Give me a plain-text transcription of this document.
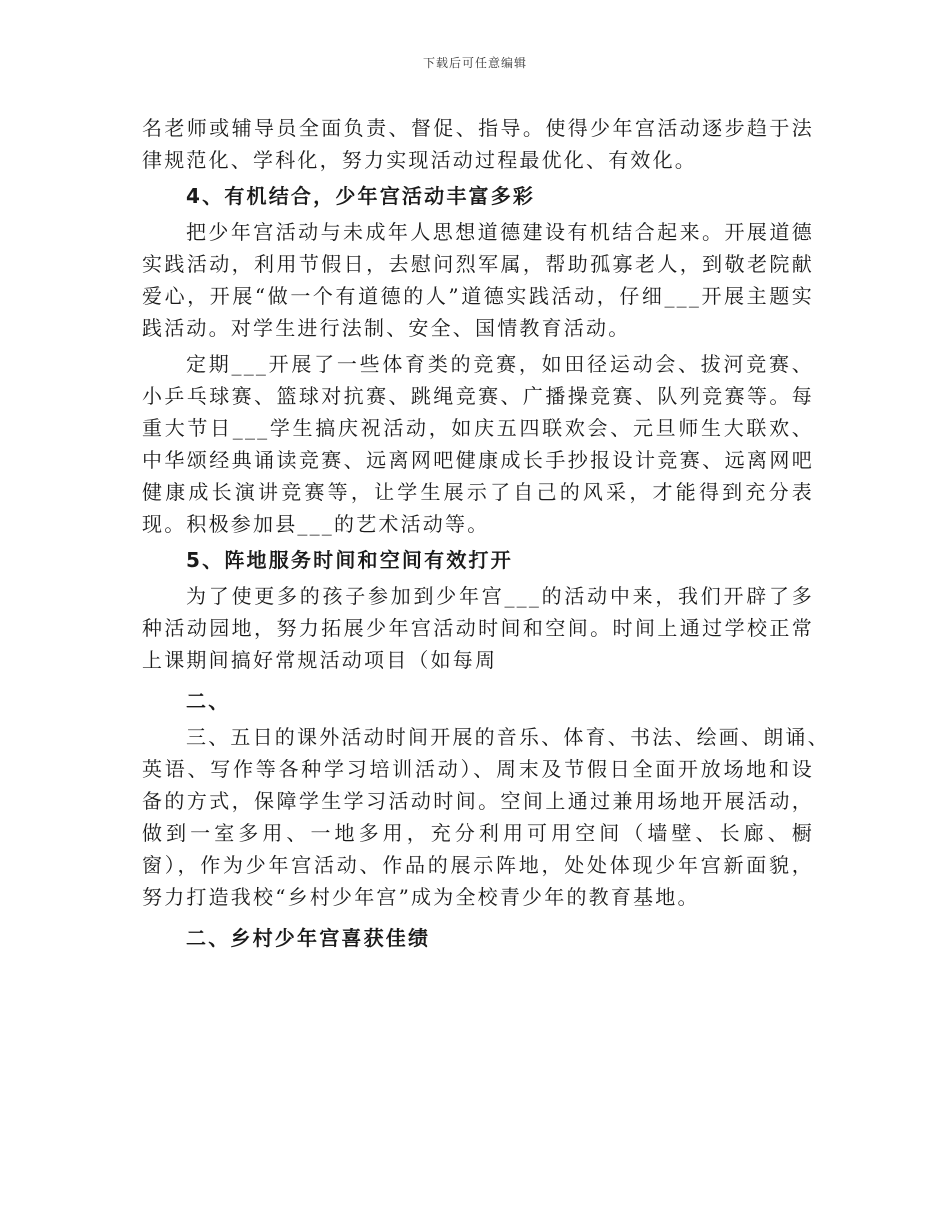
下载后可任意编辑

名老师或辅导员全面负责、督促、指导。使得少年宫活动逐步趋于法律规范化、学科化，努力实现活动过程最优化、有效化。

4、有机结合，少年宫活动丰富多彩

把少年宫活动与未成年人思想道德建设有机结合起来。开展道德实践活动，利用节假日，去慰问烈军属，帮助孤寡老人，到敬老院献爱心，开展“做一个有道德的人”道德实践活动，仔细___开展主题实践活动。对学生进行法制、安全、国情教育活动。

定期___开展了一些体育类的竞赛，如田径运动会、拔河竞赛、小乒乓球赛、篮球对抗赛、跳绳竞赛、广播操竞赛、队列竞赛等。每重大节日___学生搞庆祝活动，如庆五四联欢会、元旦师生大联欢、中华颂经典诵读竞赛、远离网吧健康成长手抄报设计竞赛、远离网吧健康成长演讲竞赛等，让学生展示了自己的风采，才能得到充分表现。积极参加县___的艺术活动等。

5、阵地服务时间和空间有效打开

为了使更多的孩子参加到少年宫___的活动中来，我们开辟了多种活动园地，努力拓展少年宫活动时间和空间。时间上通过学校正常上课期间搞好常规活动项目（如每周

二、

三、五日的课外活动时间开展的音乐、体育、书法、绘画、朗诵、

英语、写作等各种学习培训活动）、周末及节假日全面开放场地和设备的方式，保障学生学习活动时间。空间上通过兼用场地开展活动，做到一室多用、一地多用，充分利用可用空间（墙壁、长廊、橱窗），作为少年宫活动、作品的展示阵地，处处体现少年宫新面貌，努力打造我校“乡村少年宫”成为全校青少年的教育基地。

二、乡村少年宫喜获佳绩
